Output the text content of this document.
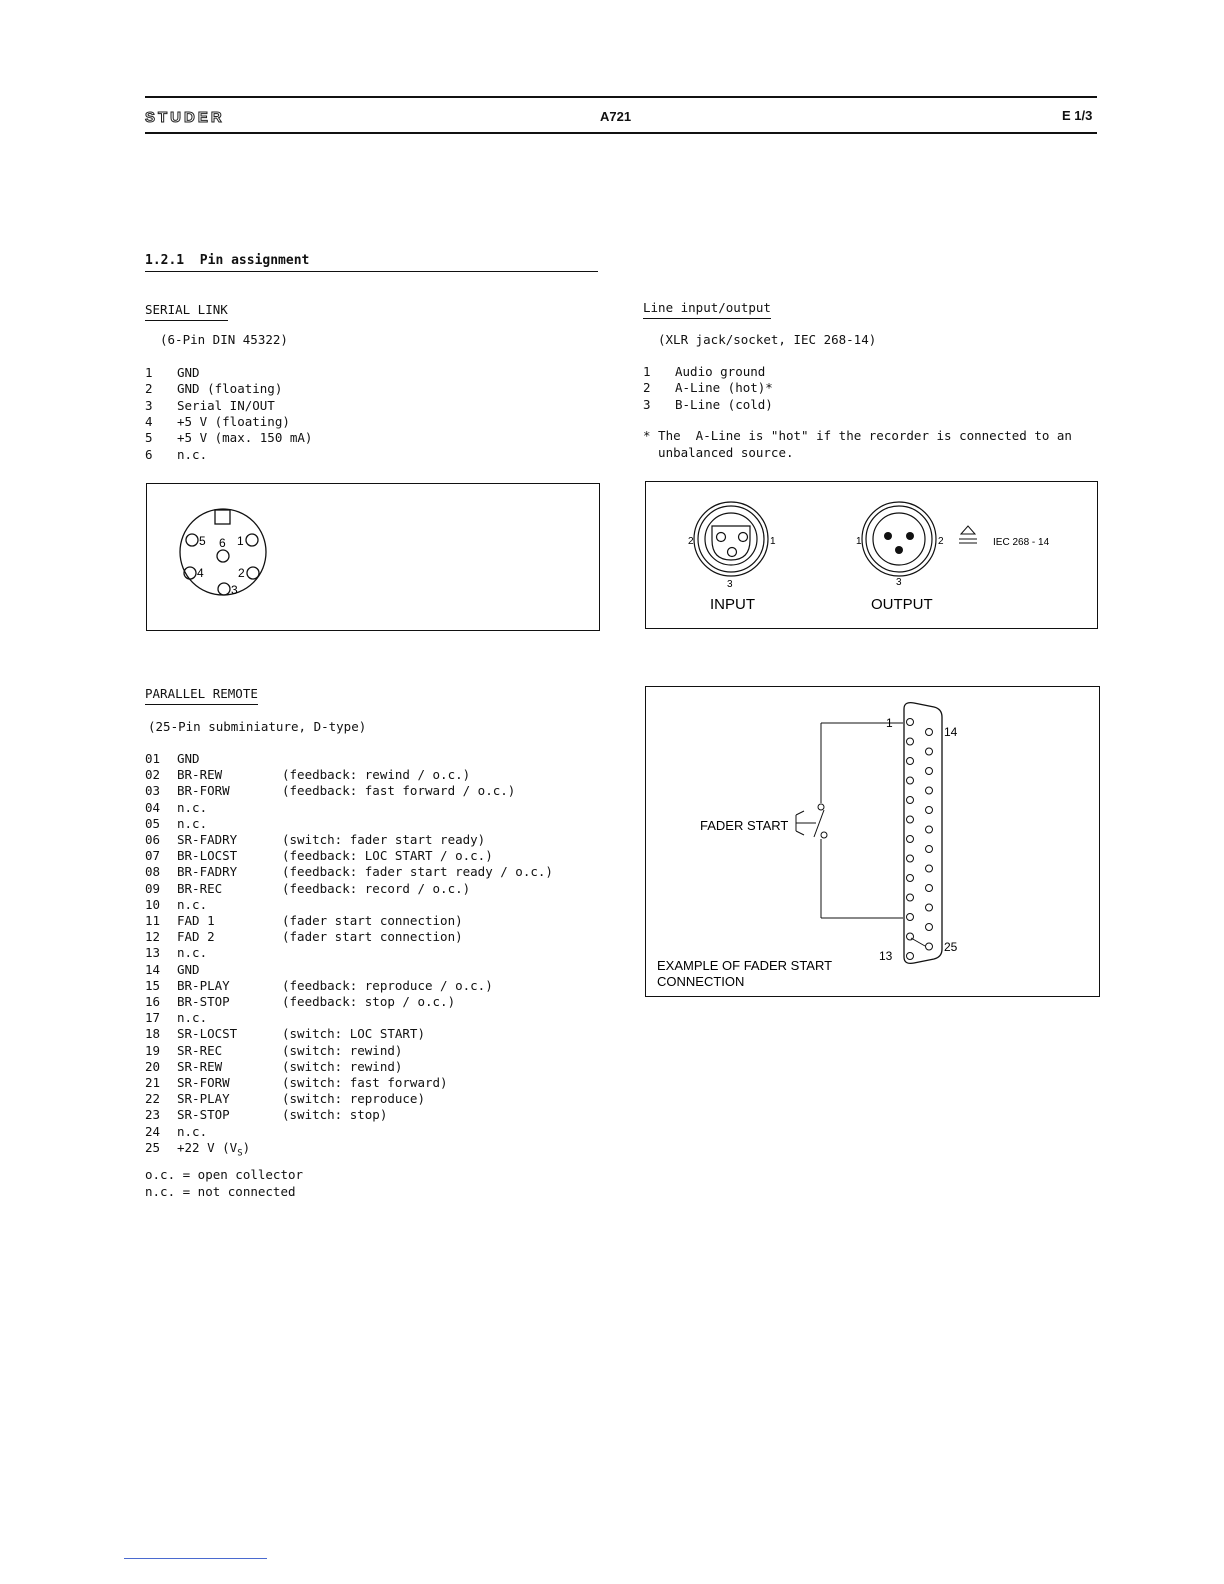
STUDER	A721	E 1/3
1.2.1  Pin assignment
SERIAL LINK
(6-Pin DIN 45322)
1 GND
2 GND (floating)
3 Serial IN/OUT
4 +5 V (floating)
5 +5 V (max. 150 mA)
6 n.c.
5	1
6
4	2
3
Line input/output
(XLR jack/socket, IEC 268-14)
1 Audio ground
2 A-Line (hot)*
3 B-Line (cold)
* The  A-Line is "hot" if the recorder is connected to an
unbalanced source.
2	1
3
INPUT
1	2
3
OUTPUT
IEC 268 - 14
PARALLEL REMOTE
(25-Pin subminiature, D-type)
01 GND
02 BR-REW	(feedback: rewind / o.c.)
03 BR-FORW	(feedback: fast forward / o.c.)
04 n.c.
05 n.c.
06 SR-FADRY	(switch: fader start ready)
07 BR-LOCST	(feedback: LOC START / o.c.)
08 BR-FADRY	(feedback: fader start ready / o.c.)
09 BR-REC	(feedback: record / o.c.)
10 n.c.
11 FAD 1	(fader start connection)
12 FAD 2	(fader start connection)
13 n.c.
14 GND
15 BR-PLAY	(feedback: reproduce / o.c.)
16 BR-STOP	(feedback: stop / o.c.)
17 n.c.
18 SR-LOCST	(switch: LOC START)
19 SR-REC	(switch: rewind)
20 SR-REW	(switch: rewind)
21 SR-FORW	(switch: fast forward)
22 SR-PLAY	(switch: reproduce)
23 SR-STOP	(switch: stop)
24 n.c.
25 +22 V $(V_S)$
o.c. = open collector
n.c. = not connected
1
14
13
25
FADER START
EXAMPLE OF FADER START
CONNECTION
